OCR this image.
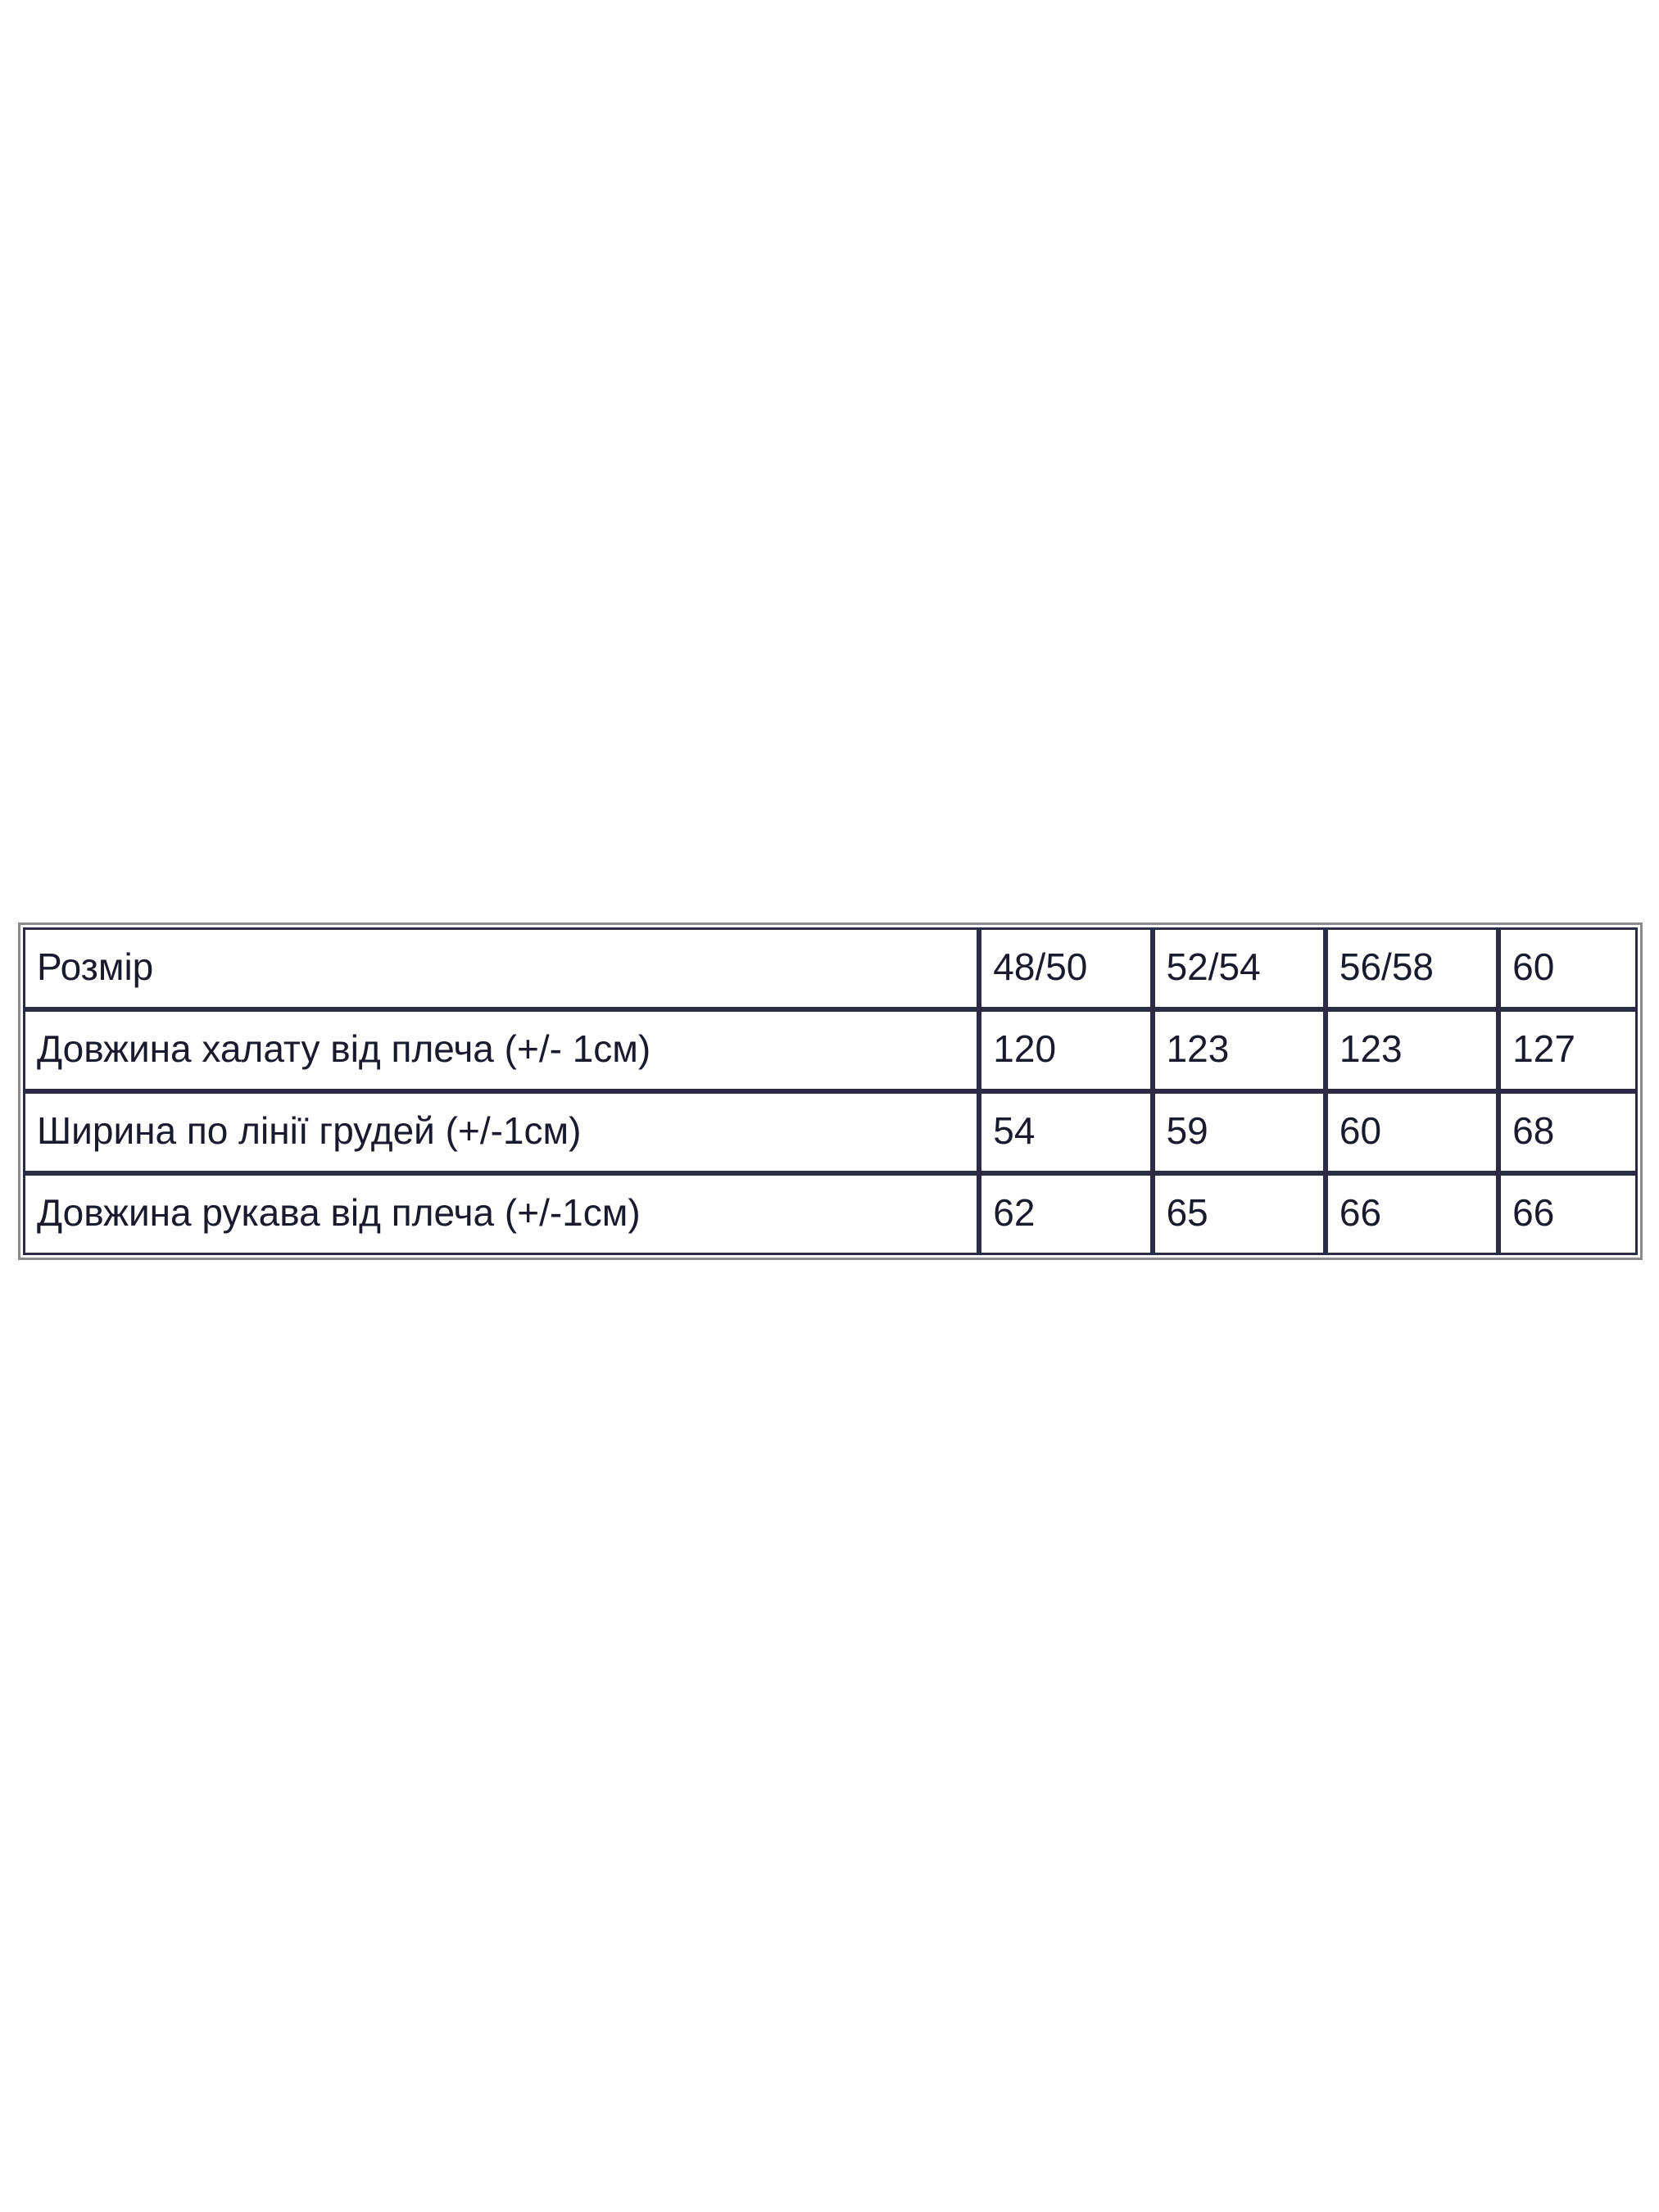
Розмір	48/50	52/54	56/58	60
Довжина халату від плеча (+/- 1см)	120	123	123	127
Ширина по лінії грудей (+/-1см)	54	59	60	68
Довжина рукава від плеча (+/-1см)	62	65	66	66
